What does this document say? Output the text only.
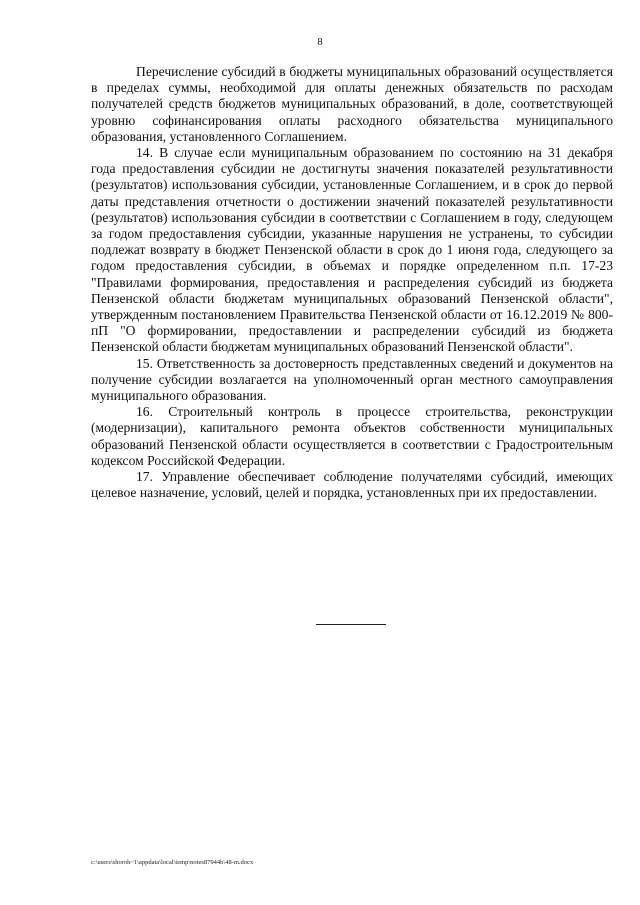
8

Перечисление субсидий в бюджеты муниципальных образований осуществляется в пределах суммы, необходимой для оплаты денежных обязательств по расходам получателей средств бюджетов муниципальных образований, в доле, соответствующей уровню софинансирования оплаты расходного обязательства муниципального образования, установленного Соглашением.

14. В случае если муниципальным образованием по состоянию на 31 декабря года предоставления субсидии не достигнуты значения показателей результативности (результатов) использования субсидии, установленные Соглашением, и в срок до первой даты представления отчетности о достижении значений показателей результативности (результатов) использования субсидии в соответствии с Соглашением в году, следующем за годом предоставления субсидии, указанные нарушения не устранены, то субсидии подлежат возврату в бюджет Пензенской области в срок до 1 июня года, следующего за годом предоставления субсидии, в объемах и порядке определенном п.п. 17-23 "Правилами формирования, предоставления и распределения субсидий из бюджета Пензенской области бюджетам муниципальных образований Пензенской области", утвержденным постановлением Правительства Пензенской области от 16.12.2019 № 800-пП "О формировании, предоставлении и распределении субсидий из бюджета Пензенской области бюджетам муниципальных образований Пензенской области".

15. Ответственность за достоверность представленных сведений и документов на получение субсидии возлагается на уполномоченный орган местного самоуправления муниципального образования.

16. Строительный контроль в процессе строительства, реконструкции (модернизации), капитального ремонта объектов собственности муниципальных образований Пензенской области осуществляется в соответствии с Градостроительным кодексом Российской Федерации.

17. Управление обеспечивает соблюдение получателями субсидий, имеющих целевое назначение, условий, целей и порядка, установленных при их предоставлении.

c:\users\shoroh~1\appdata\local\temp\notes87944b\48-m.docx
